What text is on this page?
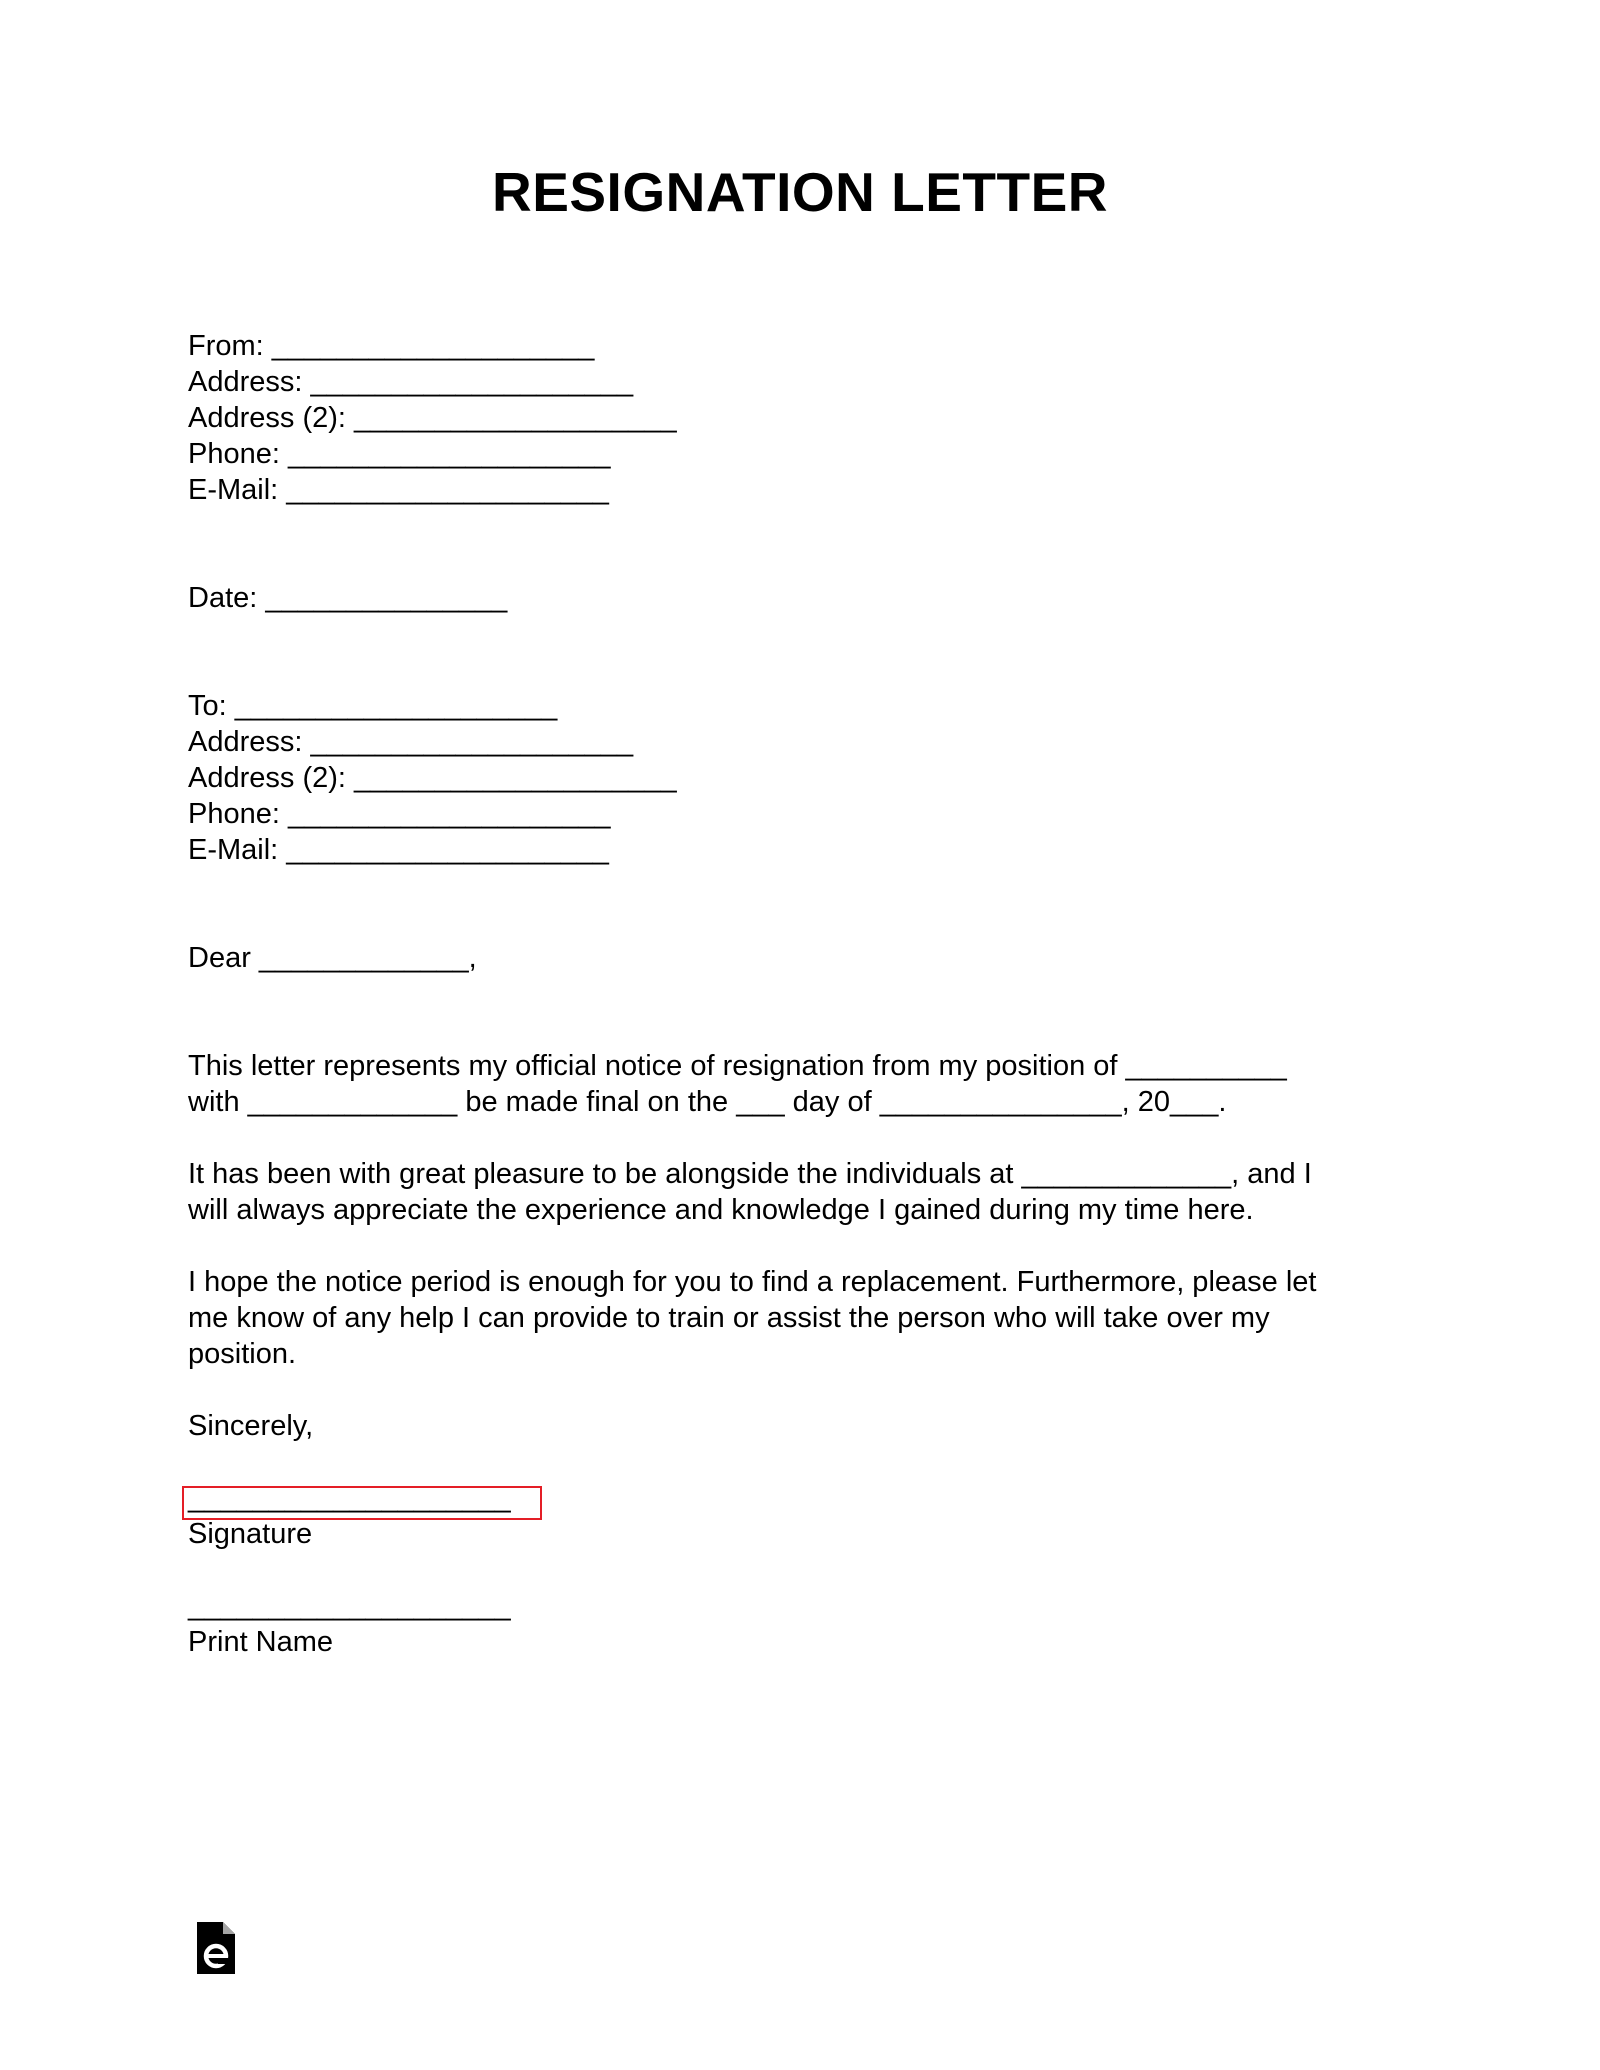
RESIGNATION LETTER
From: ____________________
Address: ____________________
Address (2): ____________________
Phone: ____________________
E-Mail: ____________________
Date: _______________
To: ____________________
Address: ____________________
Address (2): ____________________
Phone: ____________________
E-Mail: ____________________
Dear _____________,
This letter represents my official notice of resignation from my position of __________
with _____________ be made final on the ___ day of _______________, 20___.
It has been with great pleasure to be alongside the individuals at _____________, and I
will always appreciate the experience and knowledge I gained during my time here.
I hope the notice period is enough for you to find a replacement. Furthermore, please let
me know of any help I can provide to train or assist the person who will take over my
position.
Sincerely,
____________________
Signature
____________________
Print Name
